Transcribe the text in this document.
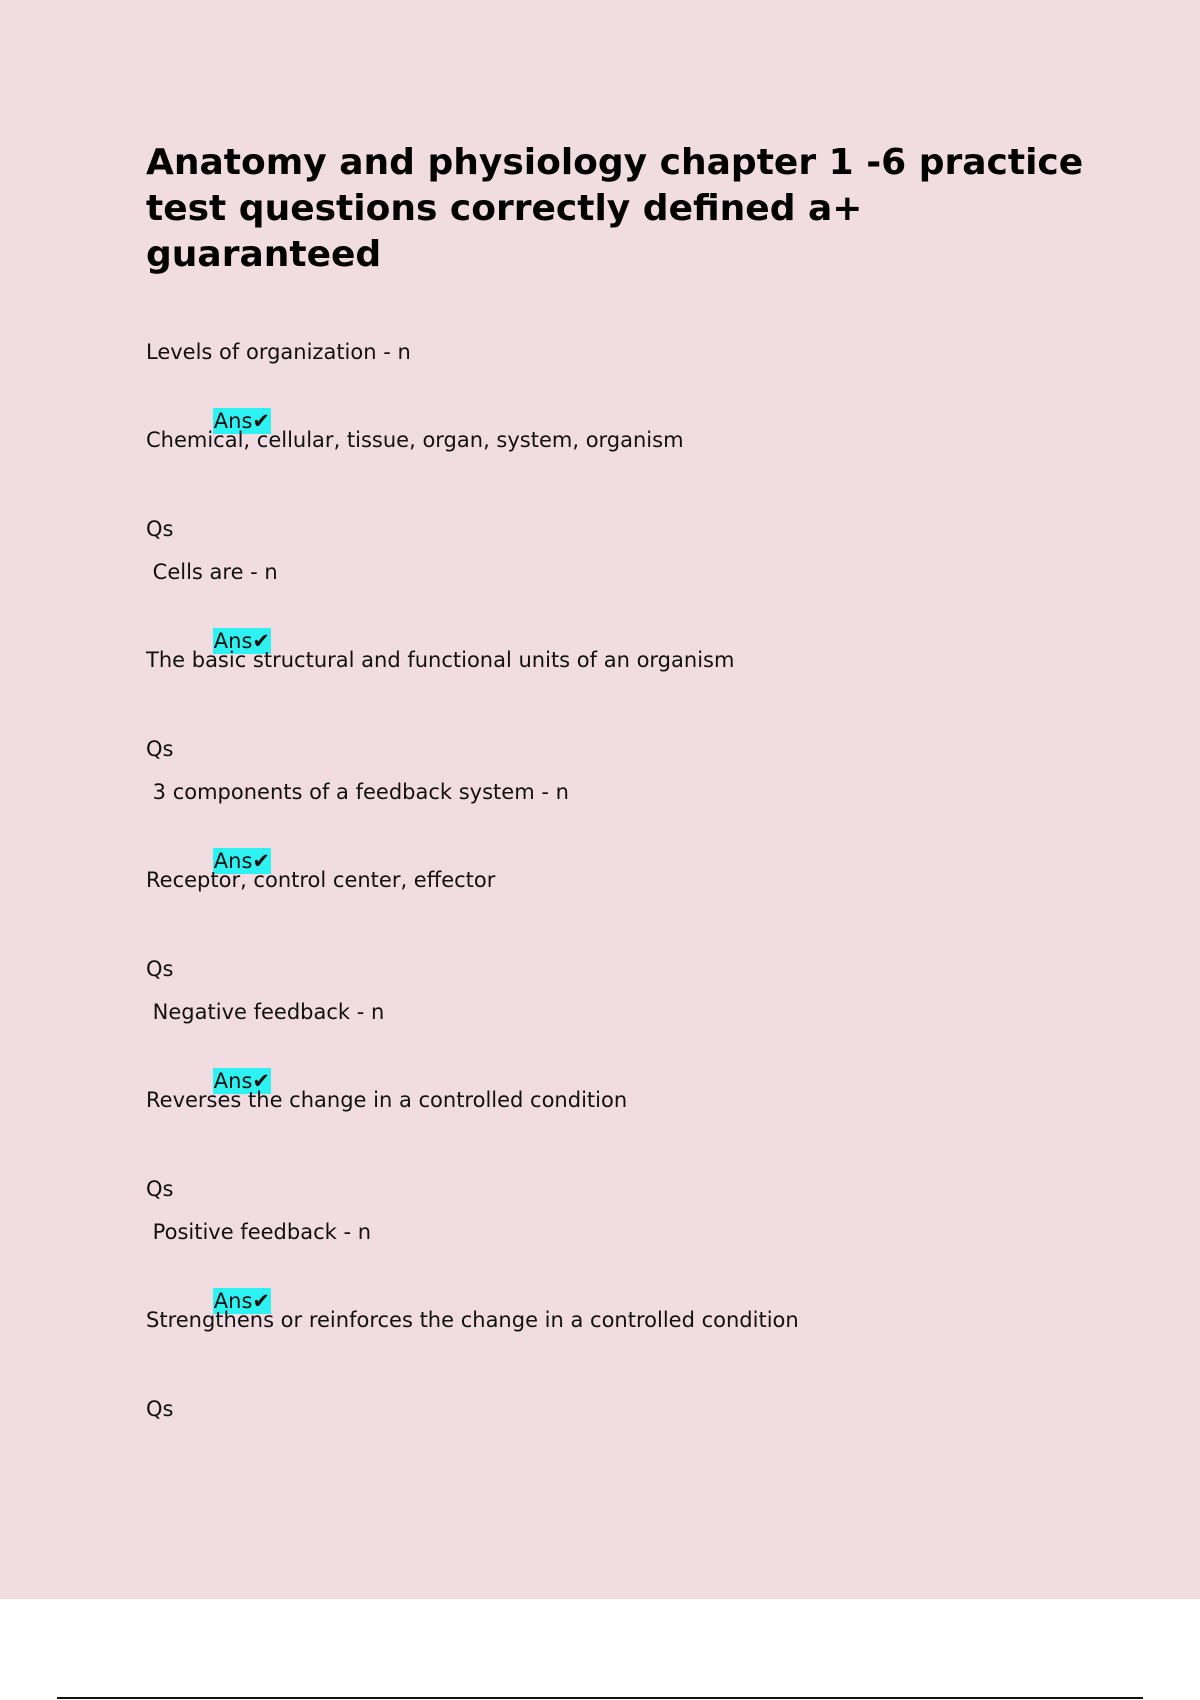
Anatomy and physiology chapter 1 -6 practice test questions correctly defined a+ guaranteed
Levels of organization - n

Ans✔

Chemical, cellular, tissue, organ, system, organism
Qs
Cells are - n

Ans✔

The basic structural and functional units of an organism
Qs
3 components of a feedback system - n

Ans✔

Receptor, control center, effector
Qs
Negative feedback - n

Ans✔

Reverses the change in a controlled condition
Qs
Positive feedback - n

Ans✔

Strengthens or reinforces the change in a controlled condition
Qs
